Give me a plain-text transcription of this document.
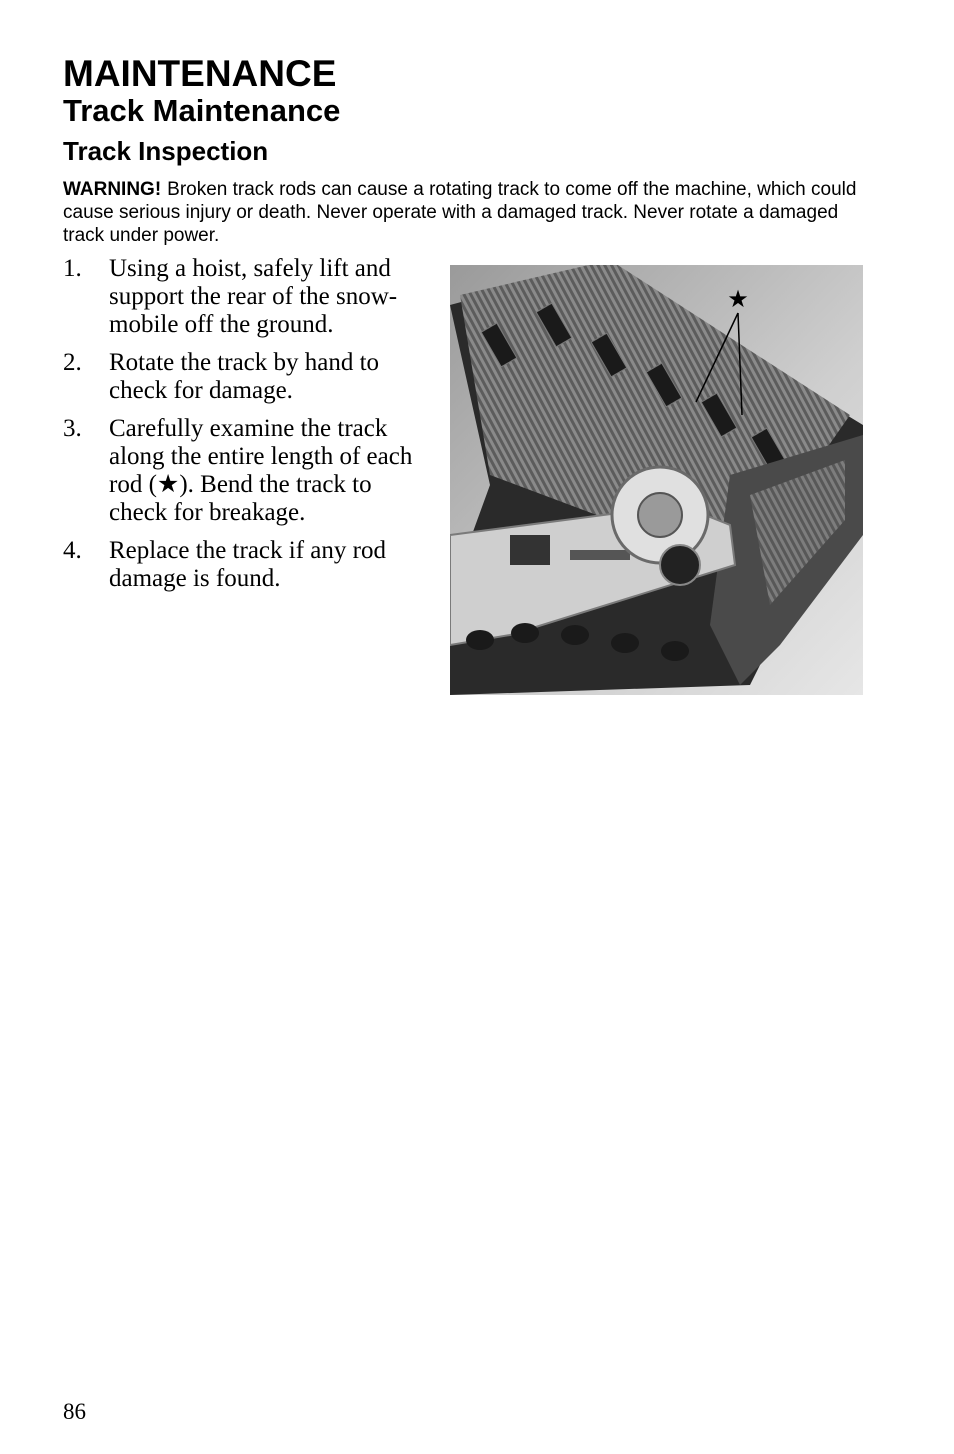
MAINTENANCE
Track Maintenance
Track Inspection

WARNING! Broken track rods can cause a rotating track to come off the machine, which could cause serious injury or death. Never operate with a damaged track. Never rotate a damaged track under power.

1. Using a hoist, safely lift and support the rear of the snow-mobile off the ground.
2. Rotate the track by hand to check for damage.
3. Carefully examine the track along the entire length of each rod (★). Bend the track to check for breakage.
4. Replace the track if any rod damage is found.
★
86
